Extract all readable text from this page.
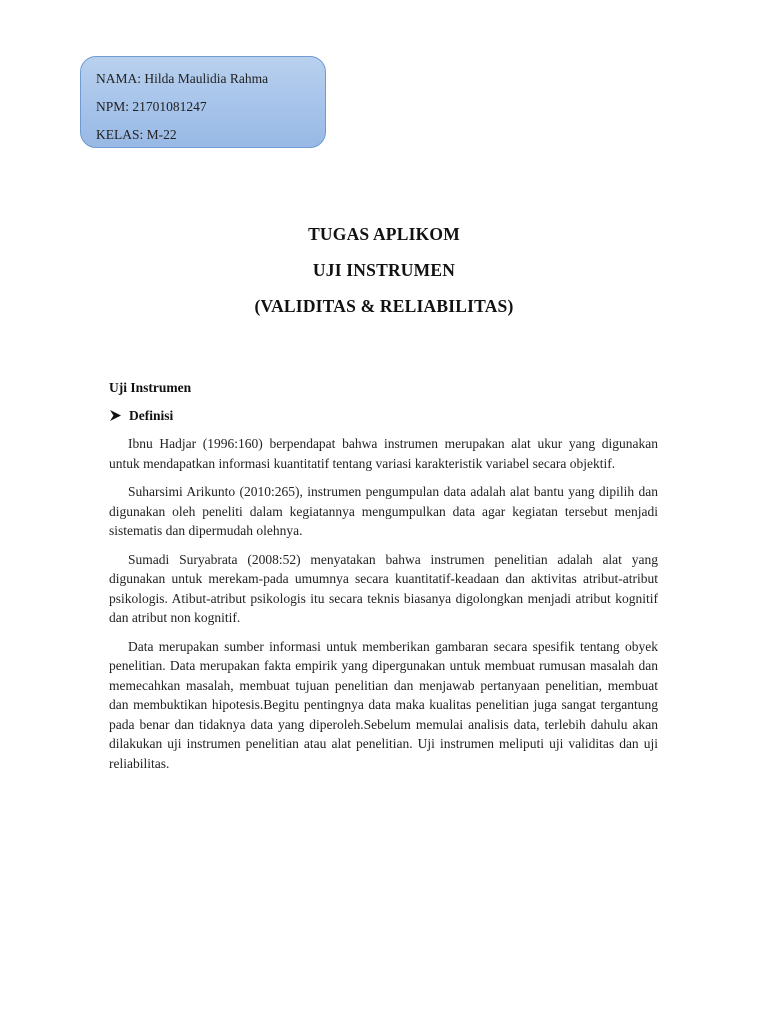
NAMA: Hilda Maulidia Rahma
NPM: 21701081247
KELAS: M-22
TUGAS APLIKOM
UJI INSTRUMEN
(VALIDITAS & RELIABILITAS)
Uji Instrumen
Definisi

Ibnu Hadjar (1996:160) berpendapat bahwa instrumen merupakan alat ukur yang digunakan untuk mendapatkan informasi kuantitatif tentang variasi karakteristik variabel secara objektif.

Suharsimi Arikunto (2010:265), instrumen pengumpulan data adalah alat bantu yang dipilih dan digunakan oleh peneliti dalam kegiatannya mengumpulkan data agar kegiatan tersebut menjadi sistematis dan dipermudah olehnya.

Sumadi Suryabrata (2008:52) menyatakan bahwa instrumen penelitian adalah alat yang digunakan untuk merekam-pada umumnya secara kuantitatif-keadaan dan aktivitas atribut-atribut psikologis. Atibut-atribut psikologis itu secara teknis biasanya digolongkan menjadi atribut kognitif dan atribut non kognitif.

Data merupakan sumber informasi untuk memberikan gambaran secara spesifik tentang obyek penelitian. Data merupakan fakta empirik yang dipergunakan untuk membuat rumusan masalah dan memecahkan masalah, membuat tujuan penelitian dan menjawab pertanyaan penelitian, membuat dan membuktikan hipotesis.Begitu pentingnya data maka kualitas penelitian juga sangat tergantung pada benar dan tidaknya data yang diperoleh.Sebelum memulai analisis data, terlebih dahulu akan dilakukan uji instrumen penelitian atau alat penelitian. Uji instrumen meliputi uji validitas dan uji reliabilitas.
